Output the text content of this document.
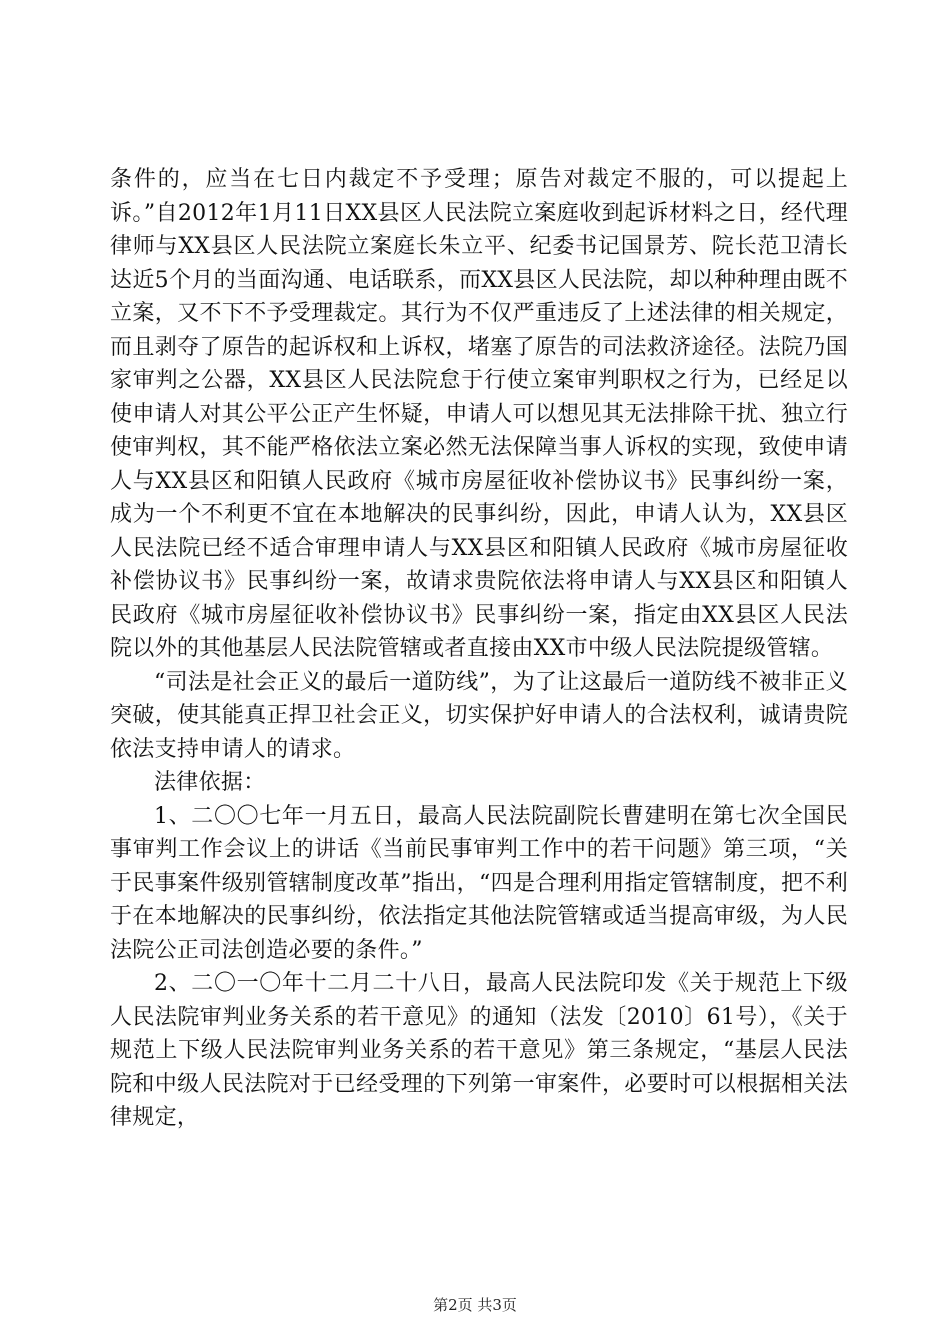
条件的，应当在七日内裁定不予受理；原告对裁定不服的，可以提起上诉。”自2012年1月11日XX县区人民法院立案庭收到起诉材料之日，经代理律师与XX县区人民法院立案庭长朱立平、纪委书记国景芳、院长范卫清长达近5个月的当面沟通、电话联系，而XX县区人民法院，却以种种理由既不立案，又不下不予受理裁定。其行为不仅严重违反了上述法律的相关规定，而且剥夺了原告的起诉权和上诉权，堵塞了原告的司法救济途径。法院乃国家审判之公器，XX县区人民法院怠于行使立案审判职权之行为，已经足以使申请人对其公平公正产生怀疑，申请人可以想见其无法排除干扰、独立行使审判权，其不能严格依法立案必然无法保障当事人诉权的实现，致使申请人与XX县区和阳镇人民政府《城市房屋征收补偿协议书》民事纠纷一案，成为一个不利更不宜在本地解决的民事纠纷，因此，申请人认为，XX县区人民法院已经不适合审理申请人与XX县区和阳镇人民政府《城市房屋征收补偿协议书》民事纠纷一案，故请求贵院依法将申请人与XX县区和阳镇人民政府《城市房屋征收补偿协议书》民事纠纷一案，指定由XX县区人民法院以外的其他基层人民法院管辖或者直接由XX市中级人民法院提级管辖。

“司法是社会正义的最后一道防线”，为了让这最后一道防线不被非正义突破，使其能真正捍卫社会正义，切实保护好申请人的合法权利，诚请贵院依法支持申请人的请求。

法律依据：

1、二〇〇七年一月五日，最高人民法院副院长曹建明在第七次全国民事审判工作会议上的讲话《当前民事审判工作中的若干问题》第三项，“关于民事案件级别管辖制度改革”指出，“四是合理利用指定管辖制度，把不利于在本地解决的民事纠纷，依法指定其他法院管辖或适当提高审级，为人民法院公正司法创造必要的条件。”

2、二〇一〇年十二月二十八日，最高人民法院印发《关于规范上下级人民法院审判业务关系的若干意见》的通知（法发〔2010〕61号），《关于规范上下级人民法院审判业务关系的若干意见》第三条规定，“基层人民法院和中级人民法院对于已经受理的下列第一审案件，必要时可以根据相关法律规定，

第2页 共3页
